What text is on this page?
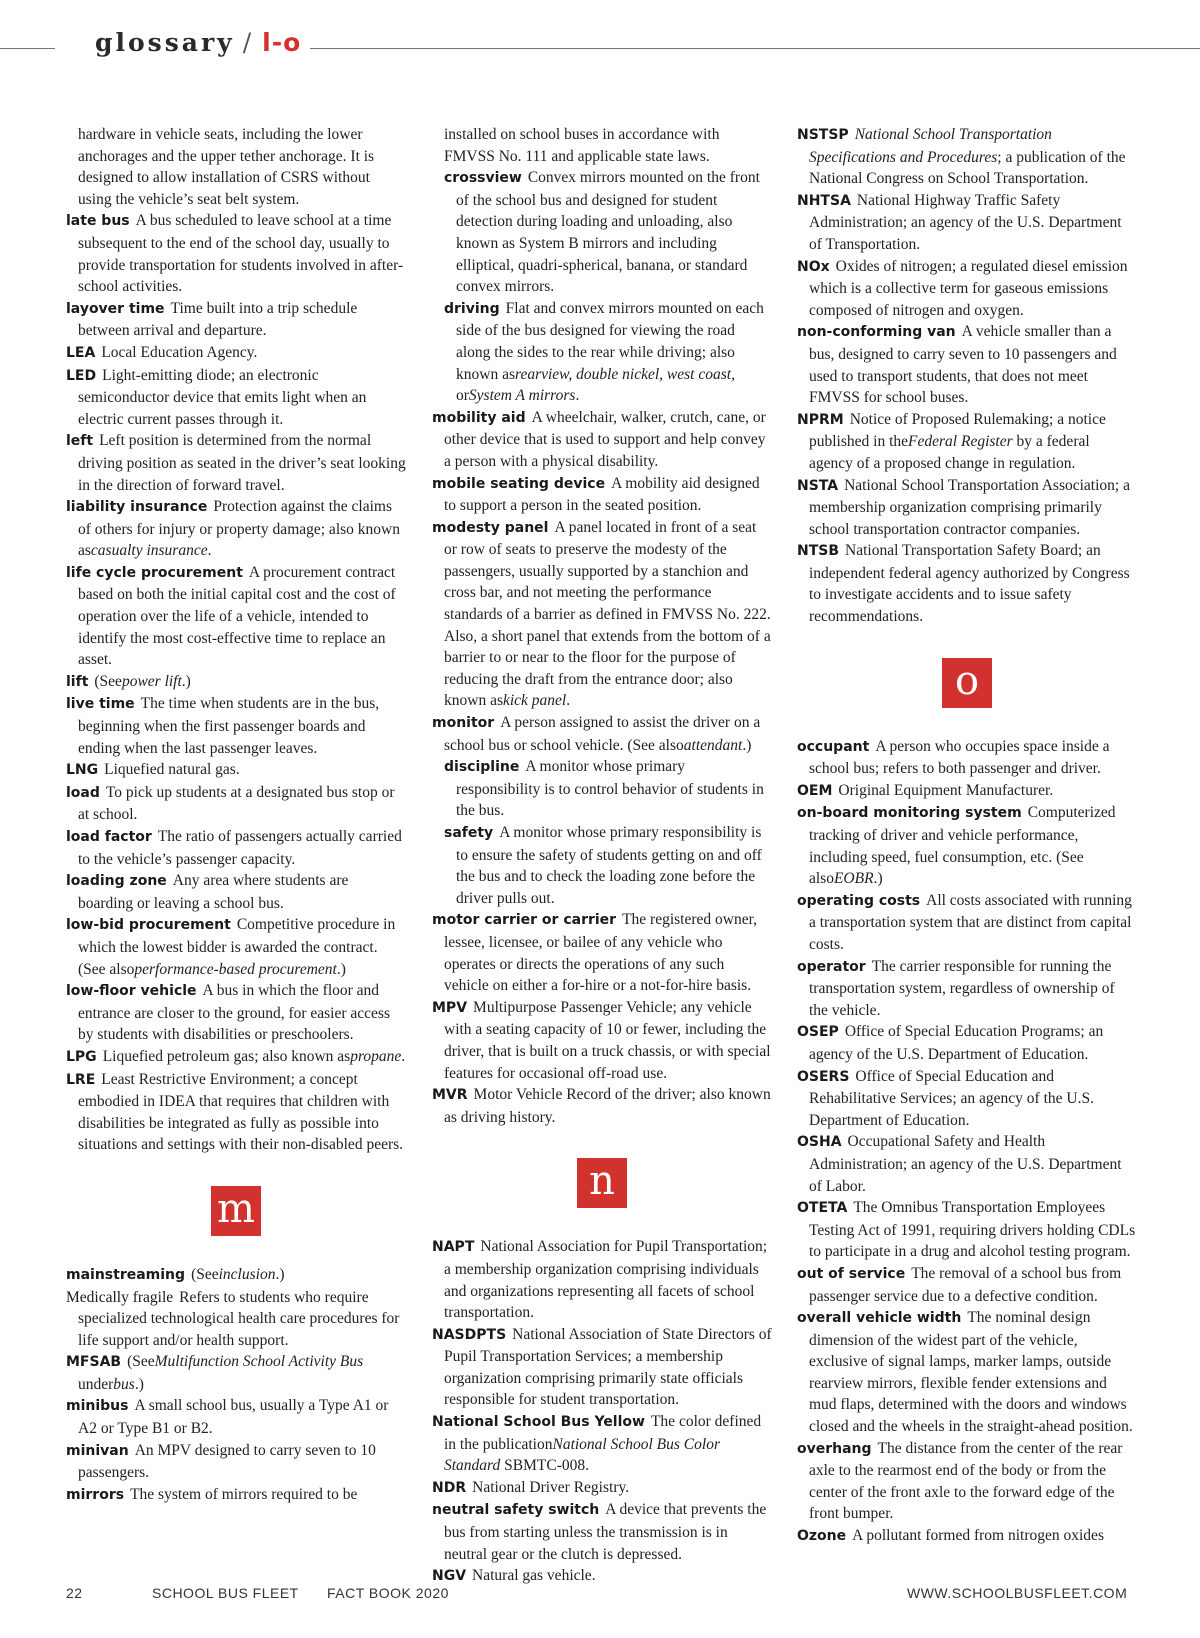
glossary / l-o

hardware in vehicle seats, including the lower anchorages and the upper tether anchorage. It is designed to allow installation of CSRS without using the vehicle’s seat belt system.

late bus A bus scheduled to leave school at a time subsequent to the end of the school day, usually to provide transportation for students involved in after-school activities.

layover time Time built into a trip schedule between arrival and departure.

LEA Local Education Agency.

LED Light-emitting diode; an electronic semiconductor device that emits light when an electric current passes through it.

left Left position is determined from the normal driving position as seated in the driver’s seat looking in the direction of forward travel.

liability insurance Protection against the claims of others for injury or property damage; also known ascasualty insurance.

life cycle procurement A procurement contract based on both the initial capital cost and the cost of operation over the life of a vehicle, intended to identify the most cost-effective time to replace an asset.

lift (Seepower lift.)

live time The time when students are in the bus, beginning when the first passenger boards and ending when the last passenger leaves.

LNG Liquefied natural gas.

load To pick up students at a designated bus stop or at school.

load factor The ratio of passengers actually carried to the vehicle’s passenger capacity.

loading zone Any area where students are boarding or leaving a school bus.

low-bid procurement Competitive procedure in which the lowest bidder is awarded the contract. (See alsoperformance-based procurement.)

low-floor vehicle A bus in which the floor and entrance are closer to the ground, for easier access by students with disabilities or preschoolers.

LPG Liquefied petroleum gas; also known aspropane.

LRE Least Restrictive Environment; a concept embodied in IDEA that requires that children with disabilities be integrated as fully as possible into situations and settings with their non-disabled peers.

m

mainstreaming (Seeinclusion.)

Medically fragile Refers to students who require specialized technological health care procedures for life support and/or health support.

MFSAB (SeeMultifunction School Activity Bus underbus.)

minibus A small school bus, usually a Type A1 or A2 or Type B1 or B2.

minivan An MPV designed to carry seven to 10 passengers.

mirrors The system of mirrors required to be

installed on school buses in accordance with FMVSS No. 111 and applicable state laws.

crossview Convex mirrors mounted on the front of the school bus and designed for student detection during loading and unloading, also known as System B mirrors and including elliptical, quadri-spherical, banana, or standard convex mirrors.

driving Flat and convex mirrors mounted on each side of the bus designed for viewing the road along the sides to the rear while driving; also known asrearview, double nickel, west coast, orSystem A mirrors.

mobility aid A wheelchair, walker, crutch, cane, or other device that is used to support and help convey a person with a physical disability.

mobile seating device A mobility aid designed to support a person in the seated position.

modesty panel A panel located in front of a seat or row of seats to preserve the modesty of the passengers, usually supported by a stanchion and cross bar, and not meeting the performance standards of a barrier as defined in FMVSS No. 222. Also, a short panel that extends from the bottom of a barrier to or near to the floor for the purpose of reducing the draft from the entrance door; also known askick panel.

monitor A person assigned to assist the driver on a school bus or school vehicle. (See alsoattendant.)

discipline A monitor whose primary responsibility is to control behavior of students in the bus.

safety A monitor whose primary responsibility is to ensure the safety of students getting on and off the bus and to check the loading zone before the driver pulls out.

motor carrier or carrier The registered owner, lessee, licensee, or bailee of any vehicle who operates or directs the operations of any such vehicle on either a for-hire or a not-for-hire basis.

MPV Multipurpose Passenger Vehicle; any vehicle with a seating capacity of 10 or fewer, including the driver, that is built on a truck chassis, or with special features for occasional off-road use.

MVR Motor Vehicle Record of the driver; also known as driving history.

n

NAPT National Association for Pupil Transportation; a membership organization comprising individuals and organizations representing all facets of school transportation.

NASDPTS National Association of State Directors of Pupil Transportation Services; a membership organization comprising primarily state officials responsible for student transportation.

National School Bus Yellow The color defined in the publicationNational School Bus Color Standard SBMTC-008.

NDR National Driver Registry.

neutral safety switch A device that prevents the bus from starting unless the transmission is in neutral gear or the clutch is depressed.

NGV Natural gas vehicle.

NSTSP National School Transportation Specifications and Procedures; a publication of the National Congress on School Transportation.

NHTSA National Highway Traffic Safety Administration; an agency of the U.S. Department of Transportation.

NOx Oxides of nitrogen; a regulated diesel emission which is a collective term for gaseous emissions composed of nitrogen and oxygen.

non-conforming van A vehicle smaller than a bus, designed to carry seven to 10 passengers and used to transport students, that does not meet FMVSS for school buses.

NPRM Notice of Proposed Rulemaking; a notice published in theFederal Register by a federal agency of a proposed change in regulation.

NSTA National School Transportation Association; a membership organization comprising primarily school transportation contractor companies.

NTSB National Transportation Safety Board; an independent federal agency authorized by Congress to investigate accidents and to issue safety recommendations.

o

occupant A person who occupies space inside a school bus; refers to both passenger and driver.

OEM Original Equipment Manufacturer.

on-board monitoring system Computerized tracking of driver and vehicle performance, including speed, fuel consumption, etc. (See alsoEOBR.)

operating costs All costs associated with running a transportation system that are distinct from capital costs.

operator The carrier responsible for running the transportation system, regardless of ownership of the vehicle.

OSEP Office of Special Education Programs; an agency of the U.S. Department of Education.

OSERS Office of Special Education and Rehabilitative Services; an agency of the U.S. Department of Education.

OSHA Occupational Safety and Health Administration; an agency of the U.S. Department of Labor.

OTETA The Omnibus Transportation Employees Testing Act of 1991, requiring drivers holding CDLs to participate in a drug and alcohol testing program.

out of service The removal of a school bus from passenger service due to a defective condition.

overall vehicle width The nominal design dimension of the widest part of the vehicle, exclusive of signal lamps, marker lamps, outside rearview mirrors, flexible fender extensions and mud flaps, determined with the doors and windows closed and the wheels in the straight-ahead position.

overhang The distance from the center of the rear axle to the rearmost end of the body or from the center of the front axle to the forward edge of the front bumper.

Ozone A pollutant formed from nitrogen oxides

22	SCHOOL BUS FLEET FACT BOOK 2020	WWW.SCHOOLBUSFLEET.COM
